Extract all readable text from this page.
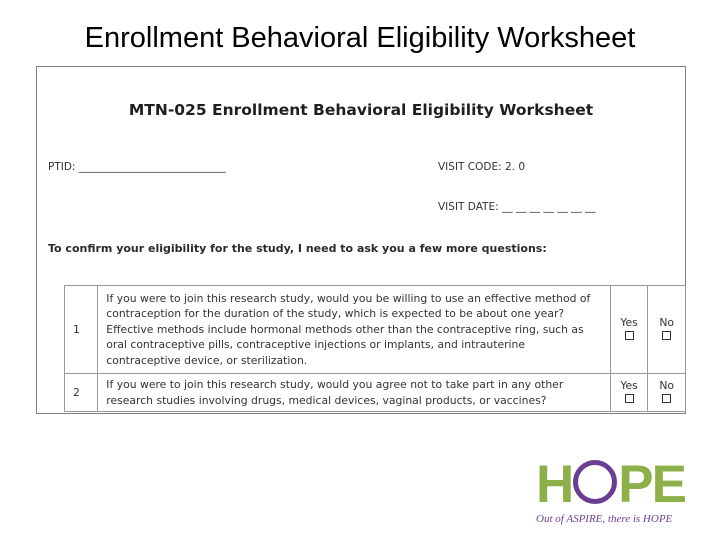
Enrollment Behavioral Eligibility Worksheet
MTN-025 Enrollment Behavioral Eligibility Worksheet
PTID: ____________________________	VISIT CODE: 2. 0
VISIT DATE: __ __ __ __ __ __ __
To confirm your eligibility for the study, I need to ask you a few more questions:
1	If you were to join this research study, would you be willing to use an effective method of contraception for the duration of the study, which is expected to be about one year? Effective methods include hormonal methods other than the contraceptive ring, such as oral contraceptive pills, contraceptive injections or implants, and intrauterine contraceptive device, or sterilization.	Yes	No

2	If you were to join this research study, would you agree not to take part in any other research studies involving drugs, medical devices, vaginal products, or vaccines?	Yes	No

H PE
Out of ASPIRE, there is HOPE
